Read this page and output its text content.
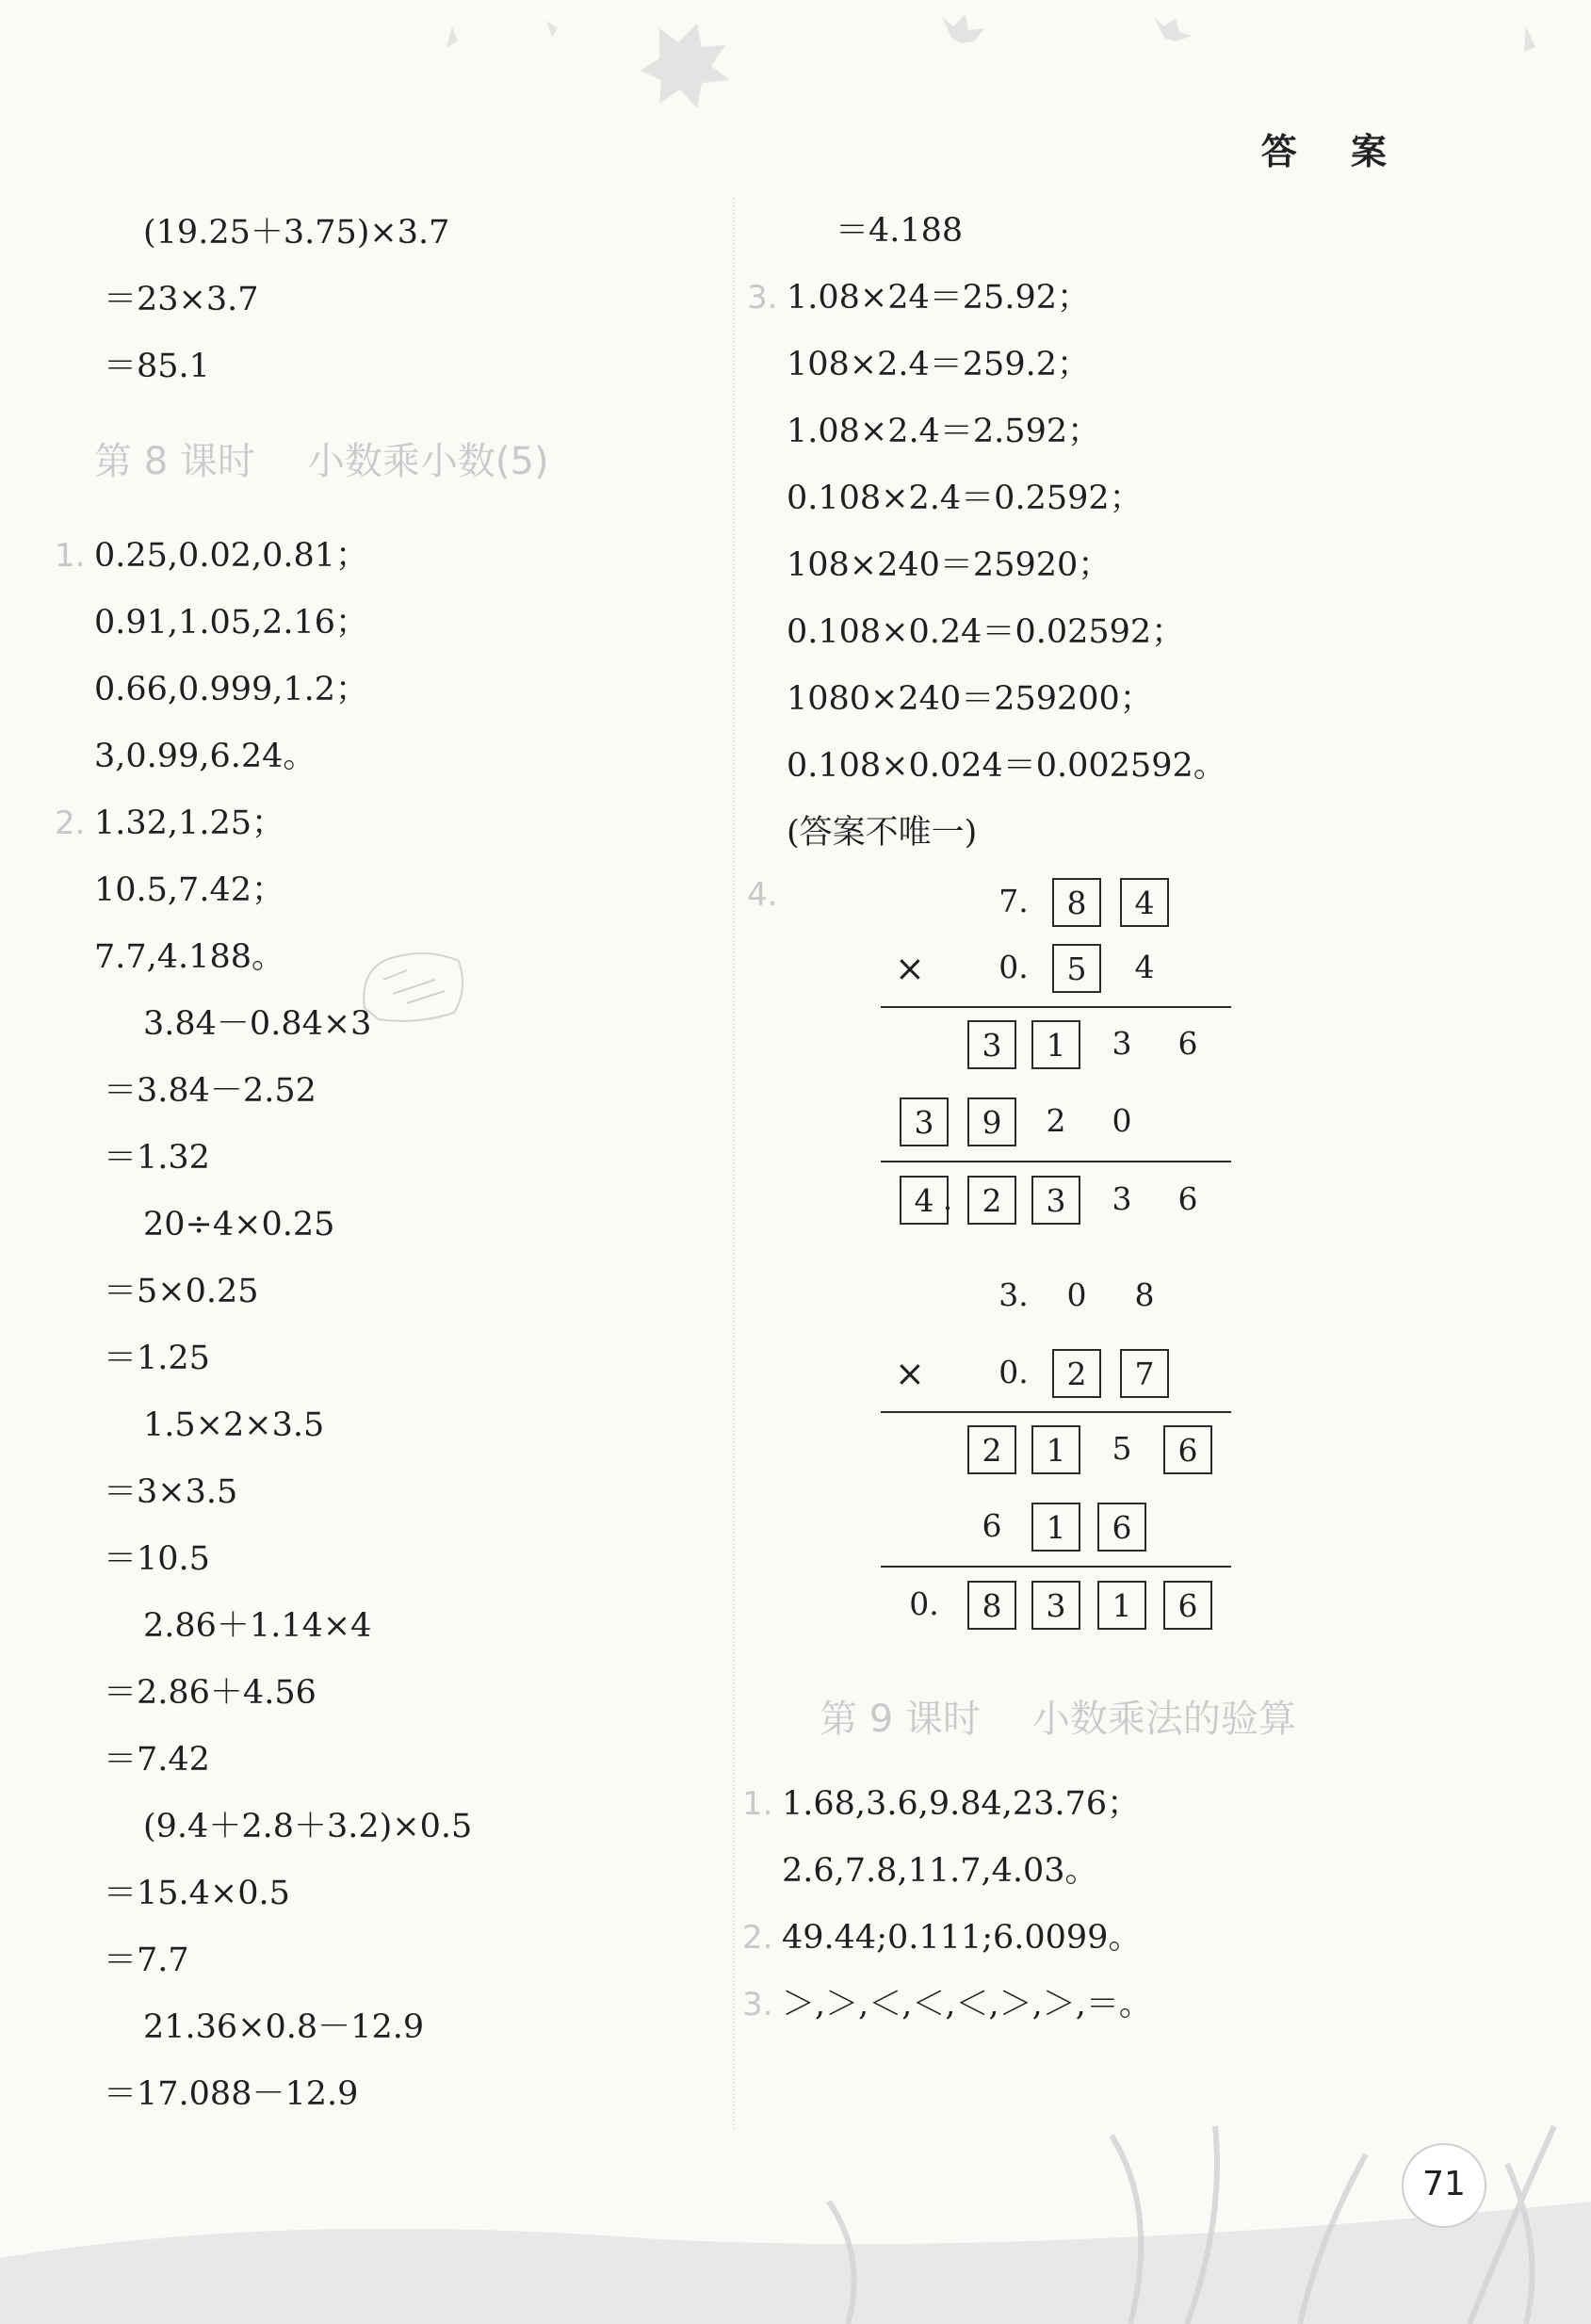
答 案
(19.25＋3.75)×3.7
＝23×3.7
＝85.1
第 8 课时 小数乘小数(5)
1. 0.25,0.02,0.81；
0.91,1.05,2.16；
0.66,0.999,1.2；
3,0.99,6.24。
2. 1.32,1.25；
10.5,7.42；
7.7,4.188。
3.84－0.84×3
＝3.84－2.52
＝1.32
20÷4×0.25
＝5×0.25
＝1.25
1.5×2×3.5
＝3×3.5
＝10.5
2.86＋1.14×4
＝2.86＋4.56
＝7.42
(9.4＋2.8＋3.2)×0.5
＝15.4×0.5
＝7.7
21.36×0.8－12.9
＝17.088－12.9
＝4.188
3. 1.08×24＝25.92；
108×2.4＝259.2；
1.08×2.4＝2.592；
0.108×2.4＝0.2592；
108×240＝25920；
0.108×0.24＝0.02592；
1080×240＝259200；
0.108×0.024＝0.002592。
(答案不唯一)
4.	7.	8	4
×	0.	5	4
3	1	3	6
3	9	2	0
4 . 2	3	3	6
3.	0	8
×	0.	2	7
2	1	5	6
6	1	6
0.	8	3	1	6
第 9 课时 小数乘法的验算
1. 1.68,3.6,9.84,23.76；
2.6,7.8,11.7,4.03。
2. 49.44;0.111;6.0099。
3. ＞,＞,＜,＜,＜,＞,＞,＝。
71
